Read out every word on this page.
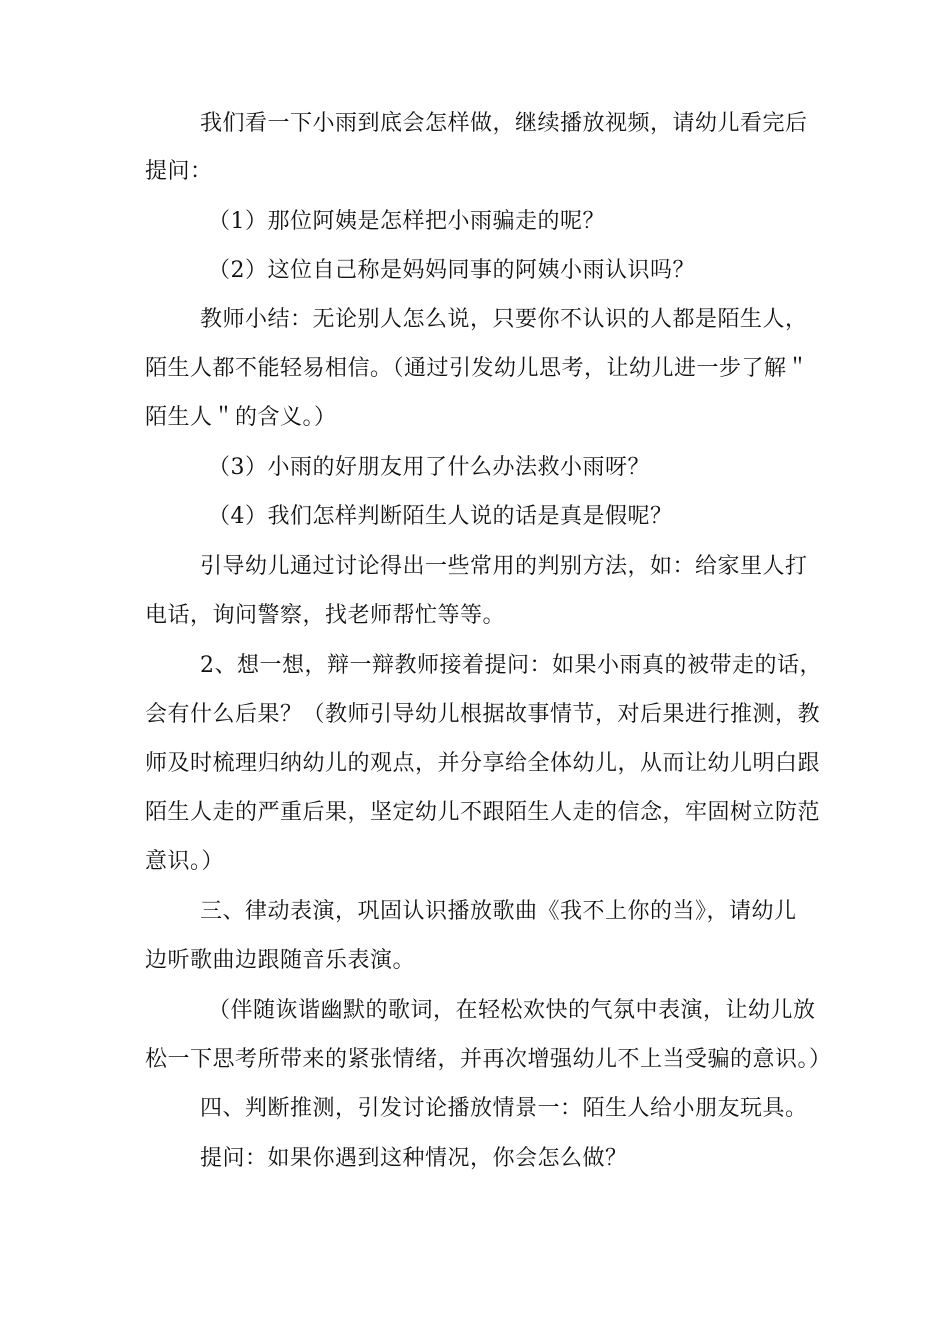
我们看一下小雨到底会怎样做，继续播放视频，请幼儿看完后
提问：
（1）那位阿姨是怎样把小雨骗走的呢？
（2）这位自己称是妈妈同事的阿姨小雨认识吗？
教师小结：无论别人怎么说，只要你不认识的人都是陌生人，
陌生人都不能轻易相信。（通过引发幼儿思考，让幼儿进一步了解＂
陌生人＂的含义。）
（3）小雨的好朋友用了什么办法救小雨呀？
（4）我们怎样判断陌生人说的话是真是假呢？
引导幼儿通过讨论得出一些常用的判别方法，如：给家里人打
电话，询问警察，找老师帮忙等等。
2、想一想，辩一辩教师接着提问：如果小雨真的被带走的话，
会有什么后果？（教师引导幼儿根据故事情节，对后果进行推测，教
师及时梳理归纳幼儿的观点，并分享给全体幼儿，从而让幼儿明白跟
陌生人走的严重后果，坚定幼儿不跟陌生人走的信念，牢固树立防范
意识。）
三、律动表演，巩固认识播放歌曲《我不上你的当》，请幼儿
边听歌曲边跟随音乐表演。
（伴随诙谐幽默的歌词，在轻松欢快的气氛中表演，让幼儿放
松一下思考所带来的紧张情绪，并再次增强幼儿不上当受骗的意识。）
四、判断推测，引发讨论播放情景一：陌生人给小朋友玩具。
提问：如果你遇到这种情况，你会怎么做？
